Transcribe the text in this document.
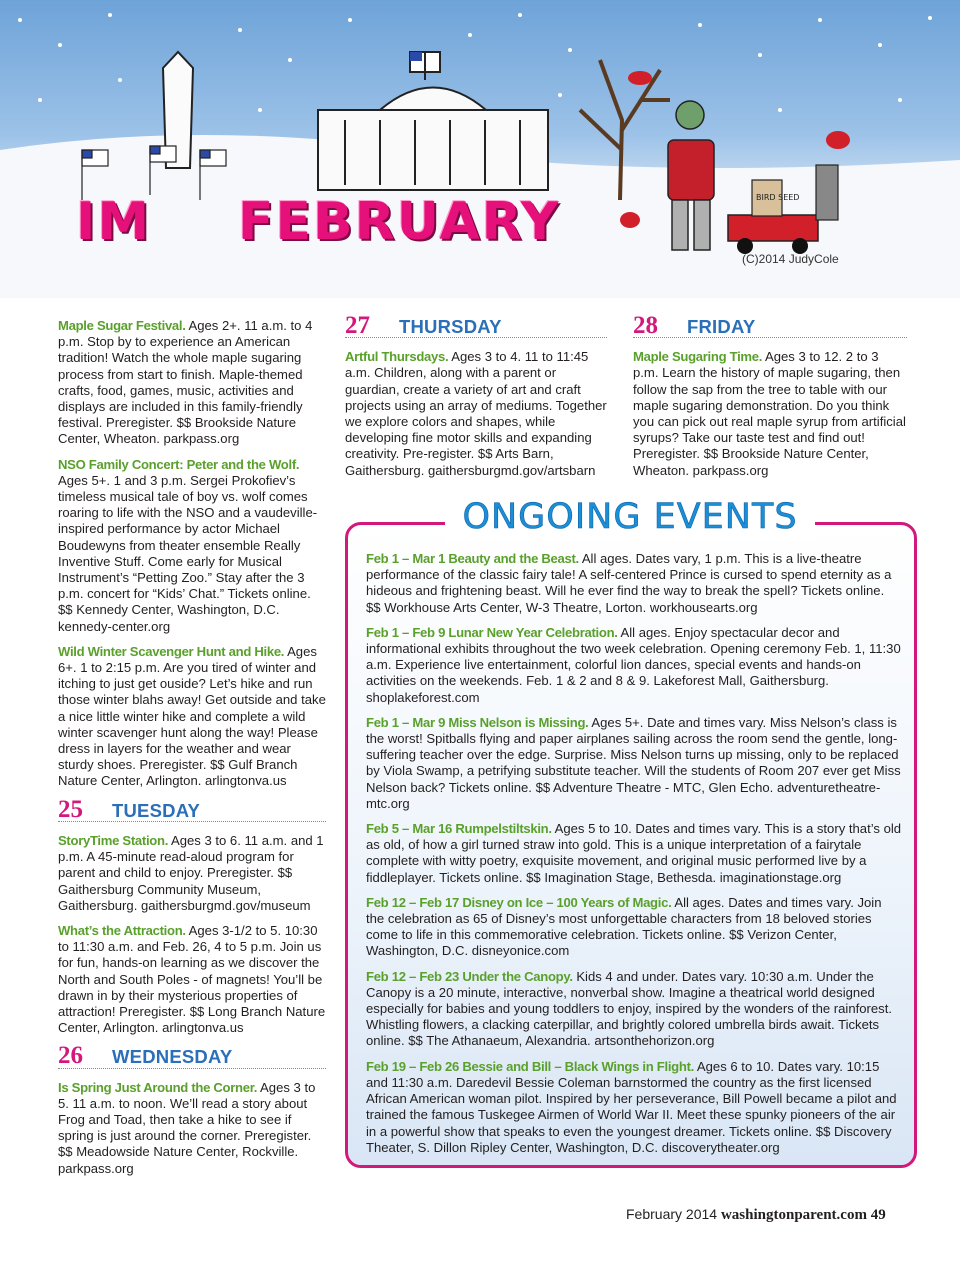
BIRD SEED
IM FEBRUARY
(C)2014 JudyCole

Maple Sugar Festival. Ages 2+. 11 a.m. to 4 p.m. Stop by to experience an American tradition! Watch the whole maple sugaring process from start to finish. Maple-themed crafts, food, games, music, activities and displays are included in this family-friendly festival. Preregister. $$ Brookside Nature Center, Wheaton. parkpass.org

NSO Family Concert: Peter and the Wolf. Ages 5+. 1 and 3 p.m. Sergei Prokofiev’s timeless musical tale of boy vs. wolf comes roaring to life with the NSO and a vaudeville-inspired performance by actor Michael Boudewyns from theater ensemble Really Inventive Stuff. Come early for Musical Instrument’s “Petting Zoo.” Stay after the 3 p.m. concert for “Kids’ Chat.” Tickets online. $$ Kennedy Center, Washington, D.C. kennedy-center.org

Wild Winter Scavenger Hunt and Hike. Ages 6+. 1 to 2:15 p.m. Are you tired of winter and itching to just get ouside? Let’s hike and run those winter blahs away! Get outside and take a nice little winter hike and complete a wild winter scavenger hunt along the way! Please dress in layers for the weather and wear sturdy shoes. Preregister. $$ Gulf Branch Nature Center, Arlington. arlingtonva.us

25	TUESDAY

StoryTime Station. Ages 3 to 6. 11 a.m. and 1 p.m. A 45-minute read-aloud program for parent and child to enjoy. Preregister. $$ Gaithersburg Community Museum, Gaithersburg. gaithersburgmd.gov/museum

What’s the Attraction. Ages 3-1/2 to 5. 10:30 to 11:30 a.m. and Feb. 26, 4 to 5 p.m. Join us for fun, hands-on learning as we discover the North and South Poles - of magnets! You’ll be drawn in by their mysterious properties of attraction! Preregister. $$ Long Branch Nature Center, Arlington. arlingtonva.us

26	WEDNESDAY

Is Spring Just Around the Corner. Ages 3 to 5. 11 a.m. to noon. We’ll read a story about Frog and Toad, then take a hike to see if spring is just around the corner. Preregister. $$ Meadowside Nature Center, Rockville. parkpass.org

27	THURSDAY

Artful Thursdays. Ages 3 to 4. 11 to 11:45 a.m. Children, along with a parent or guardian, create a variety of art and craft projects using an array of mediums. Together we explore colors and shapes, while developing fine motor skills and expanding creativity. Pre-register. $$ Arts Barn, Gaithersburg. gaithersburgmd.gov/artsbarn

28	FRIDAY

Maple Sugaring Time. Ages 3 to 12. 2 to 3 p.m. Learn the history of maple sugaring, then follow the sap from the tree to table with our maple sugaring demonstration. Do you think you can pick out real maple syrup from artificial syrups? Take our taste test and find out! Preregister. $$ Brookside Nature Center, Wheaton. parkpass.org

ONGOING EVENTS

Feb 1 – Mar 1 Beauty and the Beast. All ages. Dates vary, 1 p.m. This is a live-theatre performance of the classic fairy tale! A self-centered Prince is cursed to spend eternity as a hideous and frightening beast. Will he ever find the way to break the spell? Tickets online. $$ Workhouse Arts Center, W-3 Theatre, Lorton. workhousearts.org

Feb 1 – Feb 9 Lunar New Year Celebration. All ages. Enjoy spectacular decor and informational exhibits throughout the two week celebration. Opening ceremony Feb. 1, 11:30 a.m. Experience live entertainment, colorful lion dances, special events and hands-on activities on the weekends. Feb. 1 & 2 and 8 & 9. Lakeforest Mall, Gaithersburg. shoplakeforest.com

Feb 1 – Mar 9 Miss Nelson is Missing. Ages 5+. Date and times vary. Miss Nelson’s class is the worst! Spitballs flying and paper airplanes sailing across the room send the gentle, long-suffering teacher over the edge. Surprise. Miss Nelson turns up missing, only to be replaced by Viola Swamp, a petrifying substitute teacher. Will the students of Room 207 ever get Miss Nelson back? Tickets online. $$ Adventure Theatre - MTC, Glen Echo. adventuretheatre-mtc.org

Feb 5 – Mar 16 Rumpelstiltskin. Ages 5 to 10. Dates and times vary. This is a story that’s old as old, of how a girl turned straw into gold. This is a unique interpretation of a fairytale complete with witty poetry, exquisite movement, and original music performed live by a fiddleplayer. Tickets online. $$ Imagination Stage, Bethesda. imaginationstage.org

Feb 12 – Feb 17 Disney on Ice – 100 Years of Magic. All ages. Dates and times vary. Join the celebration as 65 of Disney’s most unforgettable characters from 18 beloved stories come to life in this commemorative celebration. Tickets online. $$ Verizon Center, Washington, D.C. disneyonice.com

Feb 12 – Feb 23 Under the Canopy. Kids 4 and under. Dates vary. 10:30 a.m. Under the Canopy is a 20 minute, interactive, nonverbal show. Imagine a theatrical world designed especially for babies and young toddlers to enjoy, inspired by the wonders of the rainforest. Whistling flowers, a clacking caterpillar, and brightly colored umbrella birds await. Tickets online. $$ The Athanaeum, Alexandria. artsonthehorizon.org

Feb 19 – Feb 26 Bessie and Bill – Black Wings in Flight. Ages 6 to 10. Dates vary. 10:15 and 11:30 a.m. Daredevil Bessie Coleman barnstormed the country as the first licensed African American woman pilot. Inspired by her perseverance, Bill Powell became a pilot and trained the famous Tuskegee Airmen of World War II. Meet these spunky pioneers of the air in a powerful show that speaks to even the youngest dreamer. Tickets online. $$ Discovery Theater, S. Dillon Ripley Center, Washington, D.C. discoverytheater.org

February 2014 washingtonparent.com 49
